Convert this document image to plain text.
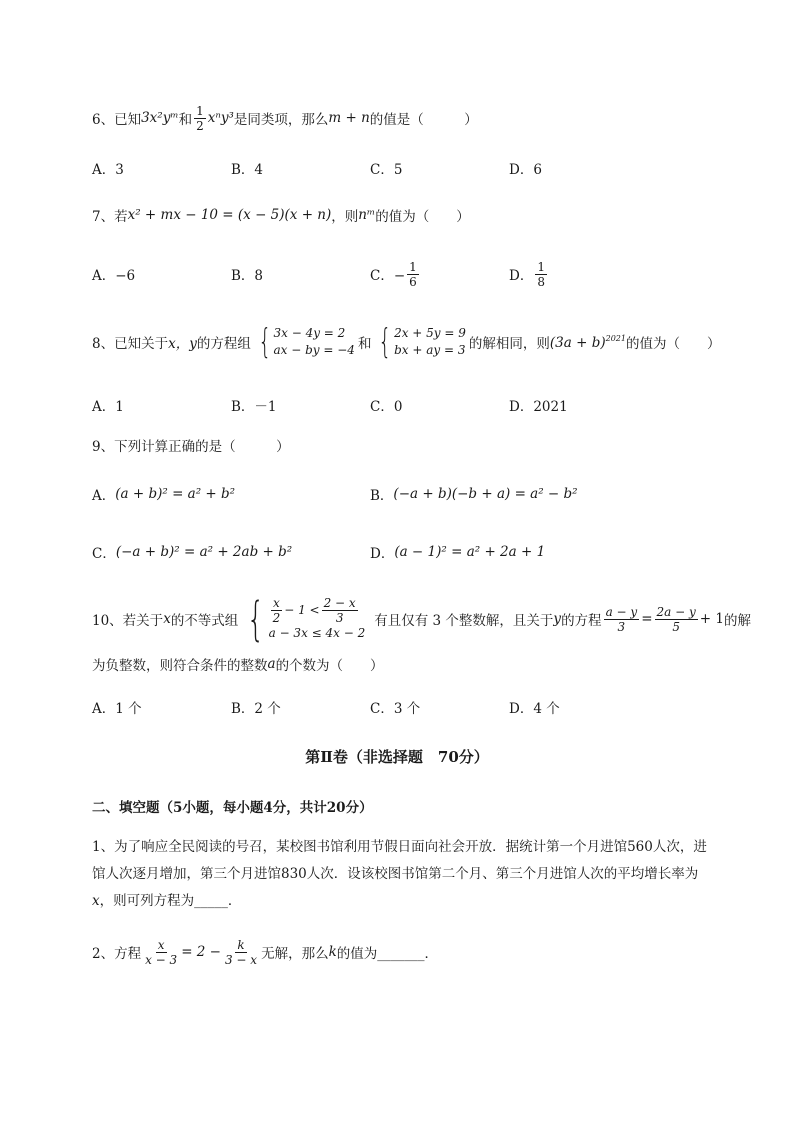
6、已知 3x²yᵐ 和 $\frac{1}{2} x^ny^3$ 是同类项，那么 m + n 的值是（　　　）
A．3	B．4	C．5	D．6
7、若 x² + mx − 10 = (x − 5)(x + n) ，则 nᵐ 的值为（　　）
A．−6	B．8	C．− $\frac{1}{6}$	D． $\frac{1}{8}$
8、已知关于 x，y 的方程组 { 3x − 4y = 2
ax − by = −4 和 { 2x + 5y = 9
bx + ay = 3 的解相同，则 $(3a + b)^{2021}$ 的值为（　　）
A．1	B．－1	C．0	D．2021
9、下列计算正确的是（　　　）
A． (a + b)² = a² + b²	B． (−a + b)(−b + a) = a² − b²
C． (−a + b)² = a² + 2ab + b²	D． (a − 1)² = a² + 2a + 1
10、若关于 x 的不等式组 { $\frac{x}{2} - 1 < \frac{2 - x}{3}$
a − 3x ≤ 4x − 2
有且仅有 3 个整数解，且关于 y 的方程 $\frac{a - y}{3} = \frac{2a - y}{5} + 1$ 的解
为负整数，则符合条件的整数 a 的个数为（　　）
A．1 个	B．2 个	C．3 个	D．4 个
第Ⅱ卷（非选择题　70分）
二、填空题（5小题，每小题4分，共计20分）
1、为了响应全民阅读的号召，某校图书馆利用节假日面向社会开放．据统计第一个月进馆560人次，进馆人次逐月增加，第三个月进馆830人次．设该校图书馆第二个月、第三个月进馆人次的平均增长率为x，则可列方程为_____．
2、方程 $\frac{x}{x - 3} = 2 - \frac{k}{3 - x}$ 无解，那么 k 的值为_______．
